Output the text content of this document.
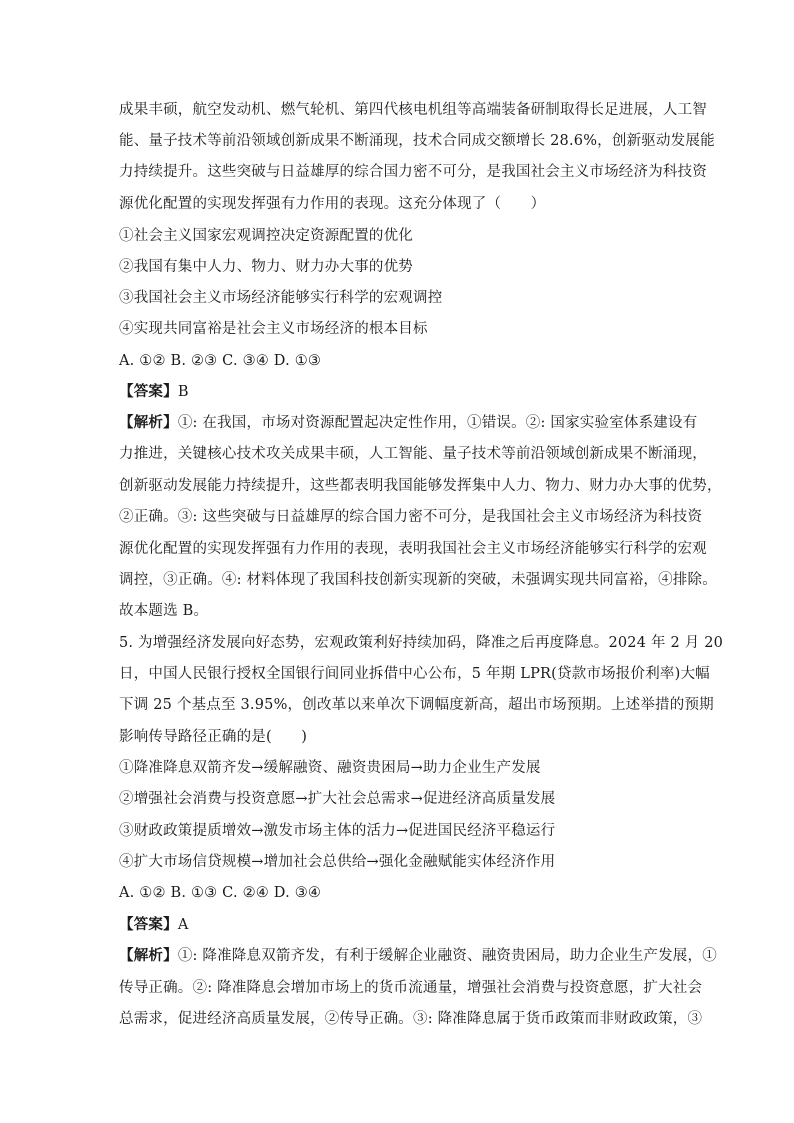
成果丰硕，航空发动机、燃气轮机、第四代核电机组等高端装备研制取得长足进展，人工智
能、量子技术等前沿领域创新成果不断涌现，技术合同成交额增长 28.6%，创新驱动发展能
力持续提升。这些突破与日益雄厚的综合国力密不可分，是我国社会主义市场经济为科技资
源优化配置的实现发挥强有力作用的表现。这充分体现了（　　）
①社会主义国家宏观调控决定资源配置的优化
②我国有集中人力、物力、财力办大事的优势
③我国社会主义市场经济能够实行科学的宏观调控
④实现共同富裕是社会主义市场经济的根本目标
A. ①② B. ②③ C. ③④ D. ①③
【答案】B
【解析】①: 在我国，市场对资源配置起决定性作用，①错误。②: 国家实验室体系建设有
力推进，关键核心技术攻关成果丰硕，人工智能、量子技术等前沿领域创新成果不断涌现，
创新驱动发展能力持续提升，这些都表明我国能够发挥集中人力、物力、财力办大事的优势，
②正确。③: 这些突破与日益雄厚的综合国力密不可分，是我国社会主义市场经济为科技资
源优化配置的实现发挥强有力作用的表现，表明我国社会主义市场经济能够实行科学的宏观
调控，③正确。④: 材料体现了我国科技创新实现新的突破，未强调实现共同富裕，④排除。
故本题选 B。
5. 为增强经济发展向好态势，宏观政策利好持续加码，降准之后再度降息。2024 年 2 月 20
日，中国人民银行授权全国银行间同业拆借中心公布，5 年期 LPR(贷款市场报价利率)大幅
下调 25 个基点至 3.95%，创改革以来单次下调幅度新高，超出市场预期。上述举措的预期
影响传导路径正确的是(　　)
①降准降息双箭齐发→缓解融资、融资贵困局→助力企业生产发展
②增强社会消费与投资意愿→扩大社会总需求→促进经济高质量发展
③财政政策提质增效→激发市场主体的活力→促进国民经济平稳运行
④扩大市场信贷规模→增加社会总供给→强化金融赋能实体经济作用
A. ①② B. ①③ C. ②④ D. ③④
【答案】A
【解析】①: 降准降息双箭齐发，有利于缓解企业融资、融资贵困局，助力企业生产发展，①
传导正确。②: 降准降息会增加市场上的货币流通量，增强社会消费与投资意愿，扩大社会
总需求，促进经济高质量发展，②传导正确。③: 降准降息属于货币政策而非财政政策，③
